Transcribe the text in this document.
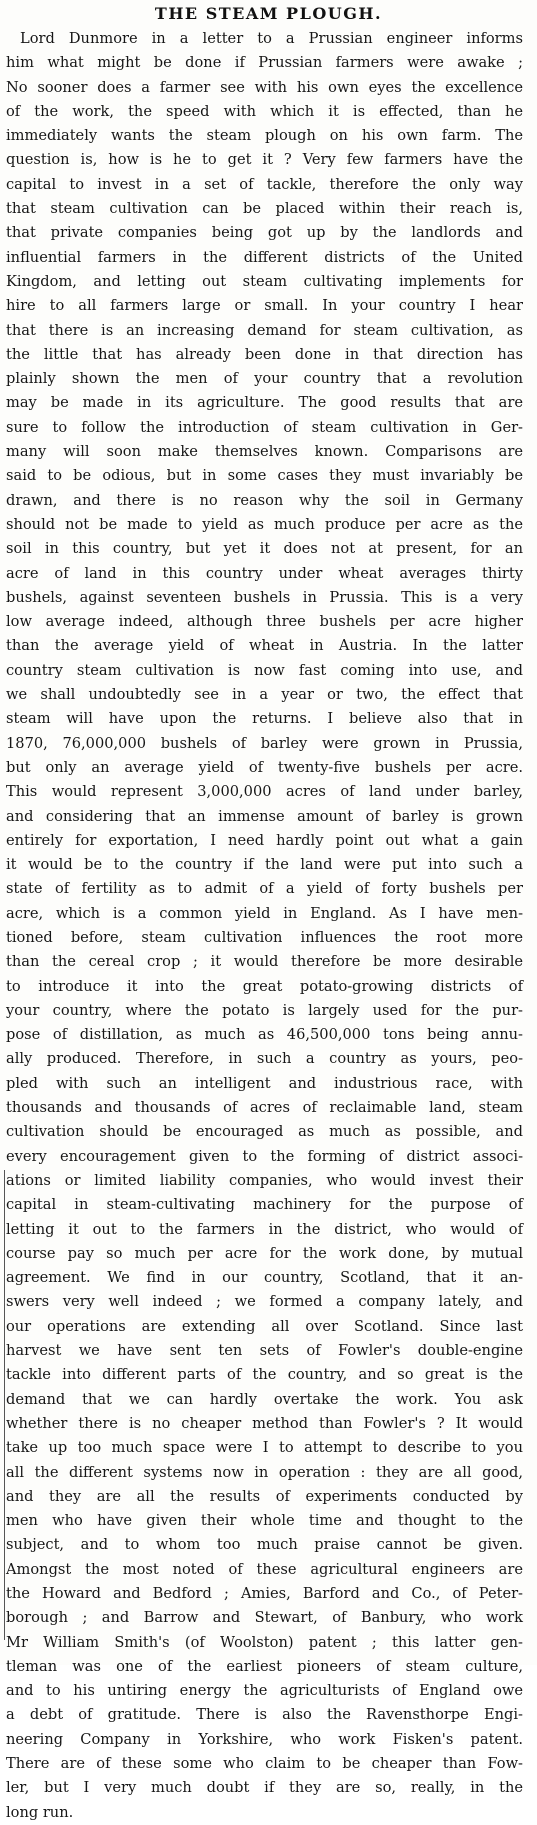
THE STEAM PLOUGH.
Lord Dunmore in a letter to a Prussian engineer informs
him what might be done if Prussian farmers were awake ;
No sooner does a farmer see with his own eyes the excellence
of the work, the speed with which it is effected, than he
immediately wants the steam plough on his own farm. The
question is, how is he to get it ? Very few farmers have the
capital to invest in a set of tackle, therefore the only way
that steam cultivation can be placed within their reach is,
that private companies being got up by the landlords and
influential farmers in the different districts of the United
Kingdom, and letting out steam cultivating implements for
hire to all farmers large or small. In your country I hear
that there is an increasing demand for steam cultivation, as
the little that has already been done in that direction has
plainly shown the men of your country that a revolution
may be made in its agriculture. The good results that are
sure to follow the introduction of steam cultivation in Ger-
many will soon make themselves known. Comparisons are
said to be odious, but in some cases they must invariably be
drawn, and there is no reason why the soil in Germany
should not be made to yield as much produce per acre as the
soil in this country, but yet it does not at present, for an
acre of land in this country under wheat averages thirty
bushels, against seventeen bushels in Prussia. This is a very
low average indeed, although three bushels per acre higher
than the average yield of wheat in Austria. In the latter
country steam cultivation is now fast coming into use, and
we shall undoubtedly see in a year or two, the effect that
steam will have upon the returns. I believe also that in
1870, 76,000,000 bushels of barley were grown in Prussia,
but only an average yield of twenty-five bushels per acre.
This would represent 3,000,000 acres of land under barley,
and considering that an immense amount of barley is grown
entirely for exportation, I need hardly point out what a gain
it would be to the country if the land were put into such a
state of fertility as to admit of a yield of forty bushels per
acre, which is a common yield in England. As I have men-
tioned before, steam cultivation influences the root more
than the cereal crop ; it would therefore be more desirable
to introduce it into the great potato-growing districts of
your country, where the potato is largely used for the pur-
pose of distillation, as much as 46,500,000 tons being annu-
ally produced. Therefore, in such a country as yours, peo-
pled with such an intelligent and industrious race, with
thousands and thousands of acres of reclaimable land, steam
cultivation should be encouraged as much as possible, and
every encouragement given to the forming of district associ-
ations or limited liability companies, who would invest their
capital in steam-cultivating machinery for the purpose of
letting it out to the farmers in the district, who would of
course pay so much per acre for the work done, by mutual
agreement. We find in our country, Scotland, that it an-
swers very well indeed ; we formed a company lately, and
our operations are extending all over Scotland. Since last
harvest we have sent ten sets of Fowler's double-engine
tackle into different parts of the country, and so great is the
demand that we can hardly overtake the work. You ask
whether there is no cheaper method than Fowler's ? It would
take up too much space were I to attempt to describe to you
all the different systems now in operation : they are all good,
and they are all the results of experiments conducted by
men who have given their whole time and thought to the
subject, and to whom too much praise cannot be given.
Amongst the most noted of these agricultural engineers are
the Howard and Bedford ; Amies, Barford and Co., of Peter-
borough ; and Barrow and Stewart, of Banbury, who work
Mr William Smith's (of Woolston) patent ; this latter gen-
tleman was one of the earliest pioneers of steam culture,
and to his untiring energy the agriculturists of England owe
a debt of gratitude. There is also the Ravensthorpe Engi-
neering Company in Yorkshire, who work Fisken's patent.
There are of these some who claim to be cheaper than Fow-
ler, but I very much doubt if they are so, really, in the
long run.
